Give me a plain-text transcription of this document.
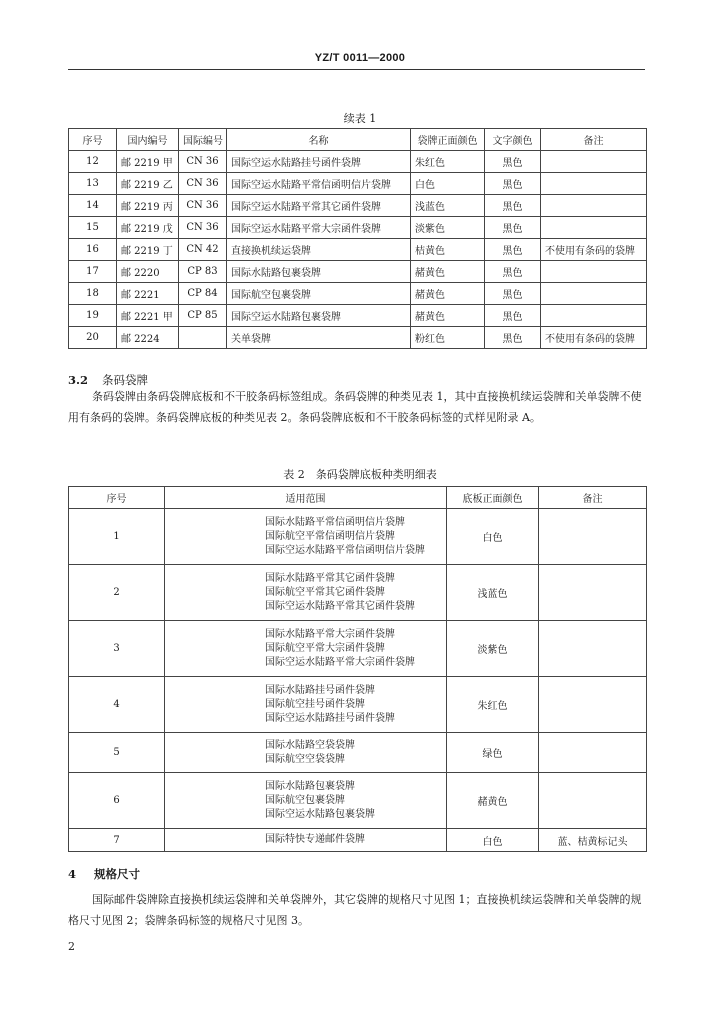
YZ/T 0011—2000
续表 1
序号	国内编号	国际编号	名称	袋牌正面颜色	文字颜色	备注
12	邮 2219 甲	CN 36	国际空运水陆路挂号函件袋牌	朱红色	黑色	
13	邮 2219 乙	CN 36	国际空运水陆路平常信函明信片袋牌	白色	黑色	
14	邮 2219 丙	CN 36	国际空运水陆路平常其它函件袋牌	浅蓝色	黑色	
15	邮 2219 戊	CN 36	国际空运水陆路平常大宗函件袋牌	淡紫色	黑色	
16	邮 2219 丁	CN 42	直接换机续运袋牌	桔黄色	黑色	不使用有条码的袋牌
17	邮 2220	CP 83	国际水陆路包裹袋牌	赭黄色	黑色	
18	邮 2221	CP 84	国际航空包裹袋牌	赭黄色	黑色	
19	邮 2221 甲	CP 85	国际空运水陆路包裹袋牌	赭黄色	黑色	
20	邮 2224		关单袋牌	粉红色	黑色	不使用有条码的袋牌
3.2 条码袋牌
条码袋牌由条码袋牌底板和不干胶条码标签组成。条码袋牌的种类见表 1，其中直接换机续运袋牌和关单袋牌不使用有条码的袋牌。条码袋牌底板的种类见表 2。条码袋牌底板和不干胶条码标签的式样见附录 A。
表 2　条码袋牌底板种类明细表
序号	适用范围	底板正面颜色	备注
1	国际水陆路平常信函明信片袋牌
国际航空平常信函明信片袋牌
国际空运水陆路平常信函明信片袋牌	白色	
2	国际水陆路平常其它函件袋牌
国际航空平常其它函件袋牌
国际空运水陆路平常其它函件袋牌	浅蓝色	
3	国际水陆路平常大宗函件袋牌
国际航空平常大宗函件袋牌
国际空运水陆路平常大宗函件袋牌	淡紫色	
4	国际水陆路挂号函件袋牌
国际航空挂号函件袋牌
国际空运水陆路挂号函件袋牌	朱红色	
5	国际水陆路空袋袋牌
国际航空空袋袋牌	绿色	
6	国际水陆路包裹袋牌
国际航空包裹袋牌
国际空运水陆路包裹袋牌	赭黄色	
7	国际特快专递邮件袋牌	白色	蓝、桔黄标记头
4 规格尺寸
国际邮件袋牌除直接换机续运袋牌和关单袋牌外，其它袋牌的规格尺寸见图 1；直接换机续运袋牌和关单袋牌的规格尺寸见图 2；袋牌条码标签的规格尺寸见图 3。
2
